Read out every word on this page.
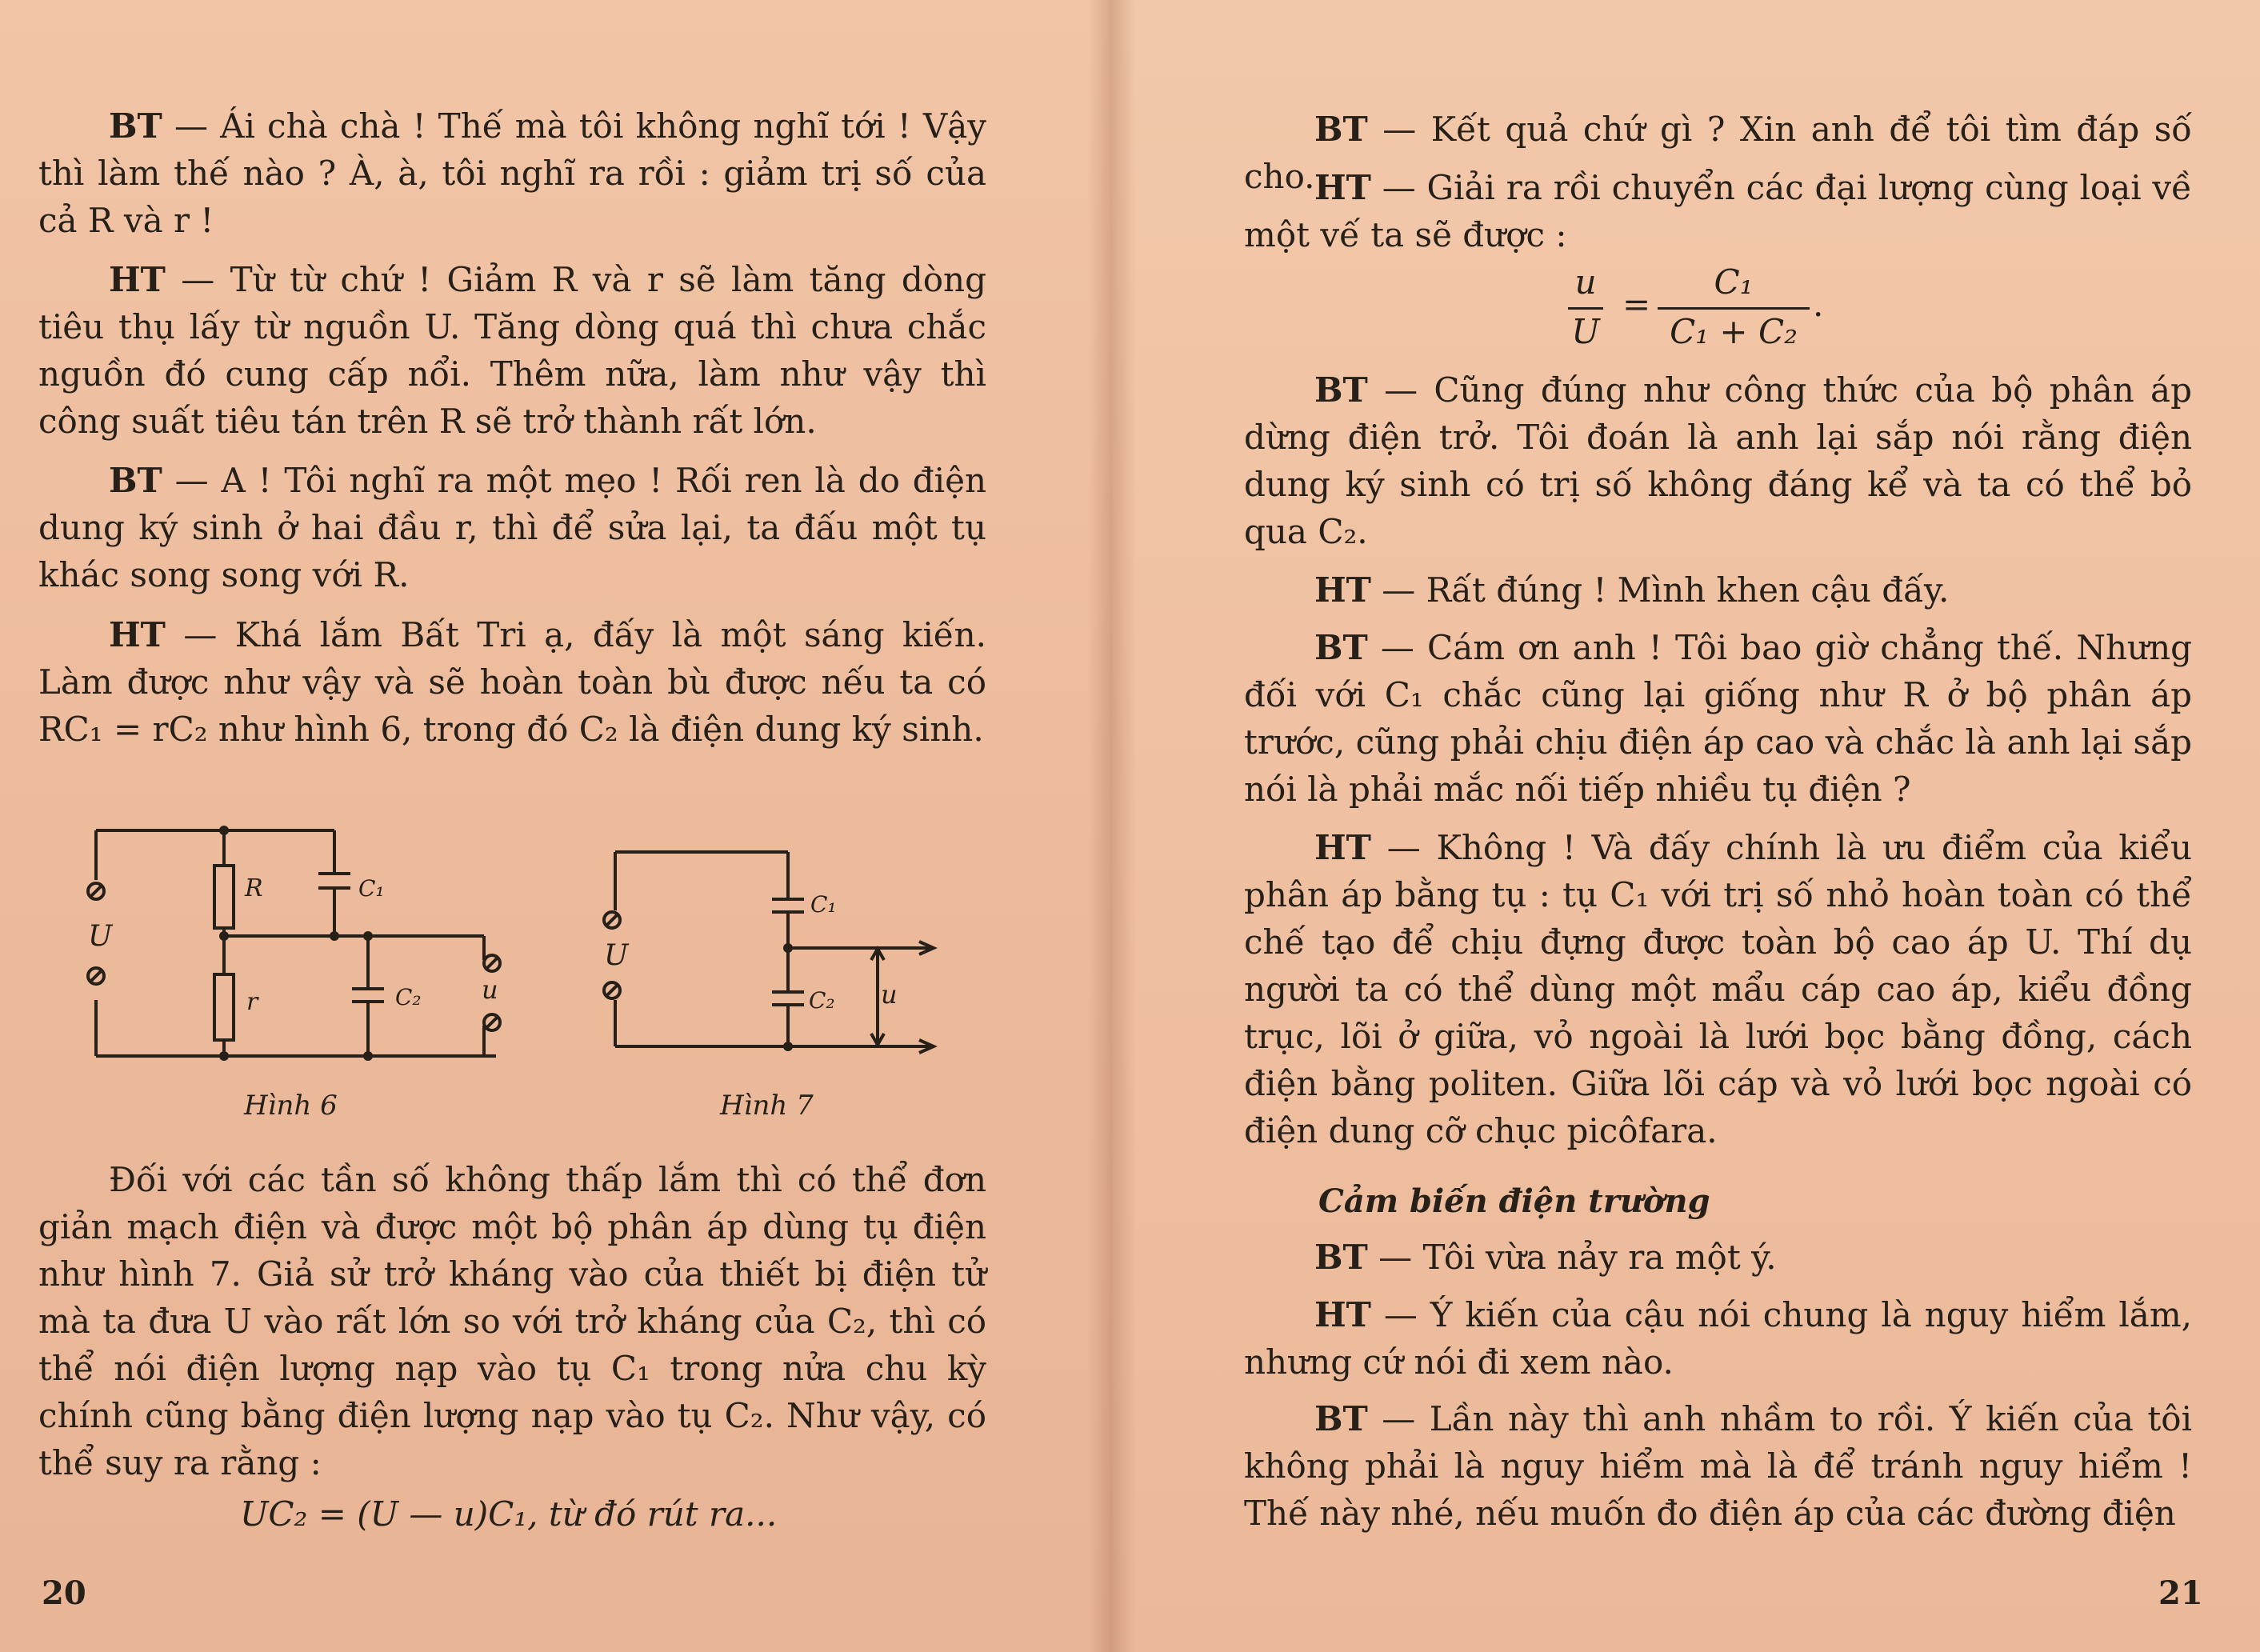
BT — Ái chà chà ! Thế mà tôi không nghĩ tới ! Vậy thì làm thế nào ? À, à, tôi nghĩ ra rồi : giảm trị số của cả R và r !

HT — Từ từ chứ ! Giảm R và r sẽ làm tăng dòng tiêu thụ lấy từ nguồn U. Tăng dòng quá thì chưa chắc nguồn đó cung cấp nổi. Thêm nữa, làm như vậy thì công suất tiêu tán trên R sẽ trở thành rất lớn.

BT — A ! Tôi nghĩ ra một mẹo ! Rối ren là do điện dung ký sinh ở hai đầu r, thì để sửa lại, ta đấu một tụ khác song song với R.

HT — Khá lắm Bất Tri ạ, đấy là một sáng kiến. Làm được như vậy và sẽ hoàn toàn bù được nếu ta có RC₁ = rC₂ như hình 6, trong đó C₂ là điện dung ký sinh.

U
R
r
C₁
C₂ u
U
C₁
C₂ u
Hình 6	Hình 7

Đối với các tần số không thấp lắm thì có thể đơn giản mạch điện và được một bộ phân áp dùng tụ điện như hình 7. Giả sử trở kháng vào của thiết bị điện tử mà ta đưa U vào rất lớn so với trở kháng của C₂, thì có thể nói điện lượng nạp vào tụ C₁ trong nửa chu kỳ chính cũng bằng điện lượng nạp vào tụ C₂. Như vậy, có thể suy ra rằng :

UC₂ = (U — u)C₁, từ đó rút ra...
20

BT — Kết quả chứ gì ? Xin anh để tôi tìm đáp số cho. HT — Giải ra rồi chuyển các đại lượng cùng loại về một vế ta sẽ được :

u
U
=
C₁
C₁ + C₂
.

BT — Cũng đúng như công thức của bộ phân áp dừng điện trở. Tôi đoán là anh lại sắp nói rằng điện dung ký sinh có trị số không đáng kể và ta có thể bỏ qua C₂.

HT — Rất đúng ! Mình khen cậu đấy.

BT — Cám ơn anh ! Tôi bao giờ chẳng thế. Nhưng đối với C₁ chắc cũng lại giống như R ở bộ phân áp trước, cũng phải chịu điện áp cao và chắc là anh lại sắp nói là phải mắc nối tiếp nhiều tụ điện ?

HT — Không ! Và đấy chính là ưu điểm của kiểu phân áp bằng tụ : tụ C₁ với trị số nhỏ hoàn toàn có thể chế tạo để chịu đựng được toàn bộ cao áp U. Thí dụ người ta có thể dùng một mẩu cáp cao áp, kiểu đồng trục, lõi ở giữa, vỏ ngoài là lưới bọc bằng đồng, cách điện bằng politen. Giữa lõi cáp và vỏ lưới bọc ngoài có điện dung cỡ chục picôfara.

Cảm biến điện trường

BT — Tôi vừa nảy ra một ý.

HT — Ý kiến của cậu nói chung là nguy hiểm lắm, nhưng cứ nói đi xem nào.

BT — Lần này thì anh nhầm to rồi. Ý kiến của tôi không phải là nguy hiểm mà là để tránh nguy hiểm ! Thế này nhé, nếu muốn đo điện áp của các đường điện

21
